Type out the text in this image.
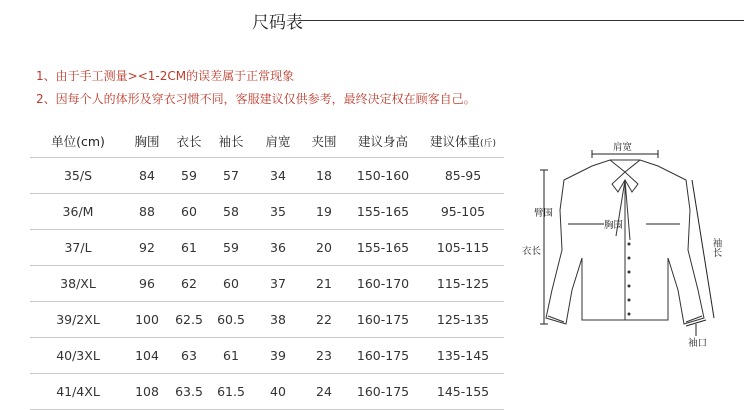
尺码表
1、由于手工测量><1-2CM的误差属于正常现象
2、因每个人的体形及穿衣习惯不同，客服建议仅供参考，最终决定权在顾客自己。
单位(cm)	胸围	衣长	袖长	肩宽	夹围	建议身高	建议体重(斤)
35/S	84	59	57	34	18	150-160	85-95
36/M	88	60	58	35	19	155-165	95-105
37/L	92	61	59	36	20	155-165	105-115
38/XL	96	62	60	37	21	160-170	115-125
39/2XL	100	62.5	60.5	38	22	160-175	125-135
40/3XL	104	63	61	39	23	160-175	135-145
41/4XL	108	63.5	61.5	40	24	160-175	145-155
肩宽
臂围
胸围
衣长	袖长
袖口
